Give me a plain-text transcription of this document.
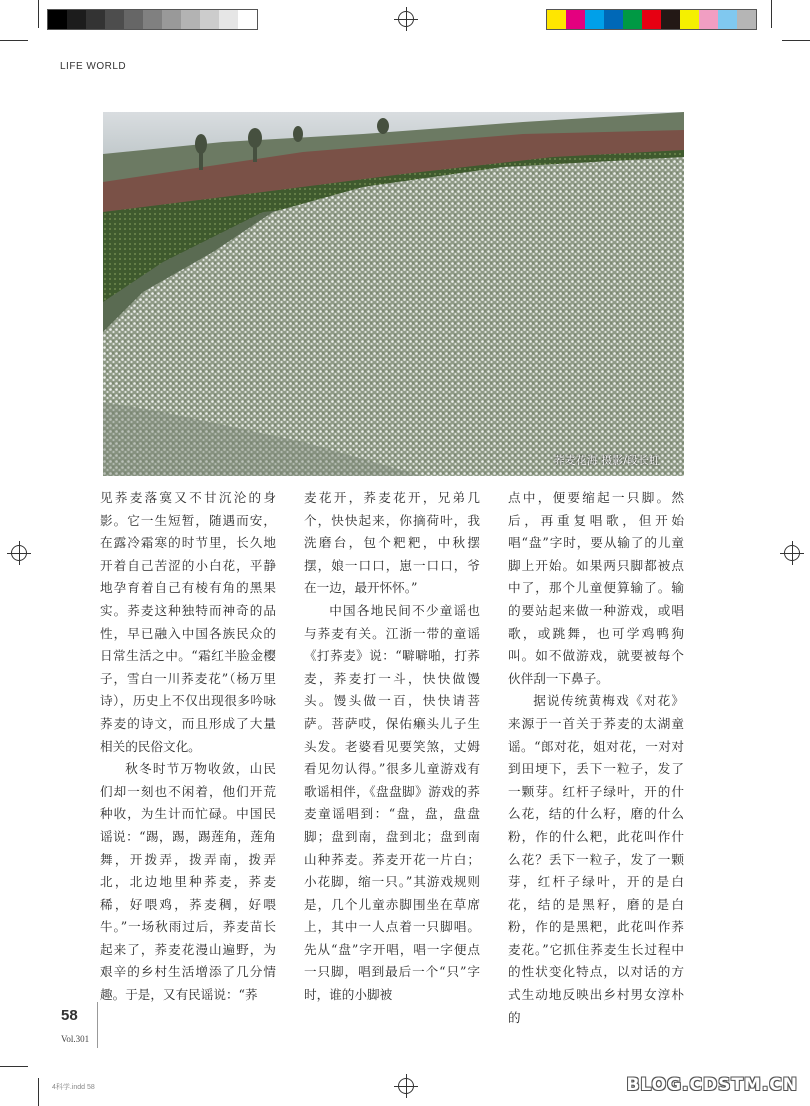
LIFE WORLD
荞麦花海 摄影/段长虹

见荞麦落寞又不甘沉沦的身影。它一生短暂，随遇而安，在露冷霜寒的时节里，长久地开着自己苦涩的小白花，平静地孕育着自己有棱有角的黑果实。荞麦这种独特而神奇的品性，早已融入中国各族民众的日常生活之中。“霜红半脸金樱子，雪白一川荞麦花”（杨万里诗），历史上不仅出现很多吟咏荞麦的诗文，而且形成了大量相关的民俗文化。

秋冬时节万物收敛，山民们却一刻也不闲着，他们开荒种收，为生计而忙碌。中国民谣说：“踢，踢，踢莲角，莲角舞，开拨弄，拨弄南，拨弄北，北边地里种荞麦，荞麦稀，好喂鸡，荞麦稠，好喂牛。”一场秋雨过后，荞麦苗长起来了，荞麦花漫山遍野，为艰辛的乡村生活增添了几分情趣。于是，又有民谣说：“荞

麦花开，荞麦花开，兄弟几个，快快起来，你摘荷叶，我洗磨台，包个粑粑，中秋摆摆，娘一口口，崽一口口，爷在一边，最开怀怀。”

中国各地民间不少童谣也与荞麦有关。江浙一带的童谣《打荞麦》说：“噼噼啪，打荞麦，荞麦打一斗，快快做馒头。馒头做一百，快快请菩萨。菩萨哎，保佑癞头儿子生头发。老婆看见要笑煞，丈姆看见勿认得。”很多儿童游戏有歌谣相伴，《盘盘脚》游戏的荞麦童谣唱到：“盘，盘，盘盘脚；盘到南，盘到北；盘到南山种荞麦。荞麦开花一片白；小花脚，缩一只。”其游戏规则是，几个儿童赤脚围坐在草席上，其中一人点着一只脚唱。先从“盘”字开唱，唱一字便点一只脚，唱到最后一个“只”字时，谁的小脚被

点中，便要缩起一只脚。然后，再重复唱歌，但开始唱“盘”字时，要从输了的儿童脚上开始。如果两只脚都被点中了，那个儿童便算输了。输的要站起来做一种游戏，或唱歌，或跳舞，也可学鸡鸭狗叫。如不做游戏，就要被每个伙伴刮一下鼻子。

据说传统黄梅戏《对花》来源于一首关于荞麦的太湖童谣。“郎对花，姐对花，一对对到田埂下，丢下一粒子，发了一颗芽。红杆子绿叶，开的什么花，结的什么籽，磨的什么粉，作的什么粑，此花叫作什么花？丢下一粒子，发了一颗芽，红杆子绿叶，开的是白花，结的是黑籽，磨的是白粉，作的是黑粑，此花叫作荞麦花。”它抓住荞麦生长过程中的性状变化特点，以对话的方式生动地反映出乡村男女淳朴的

58
Vol.301
4科学.indd 58	BLOG.CDSTM.CN
